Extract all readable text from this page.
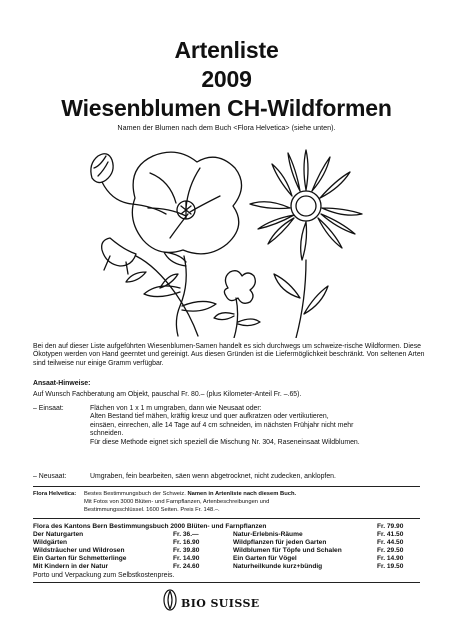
Artenliste
2009
Wiesenblumen CH-Wildformen
Namen der Blumen nach dem Buch <Flora Helvetica> (siehe unten).
Bei den auf dieser Liste aufgeführten Wiesenblumen-Samen handelt es sich durchwegs um schweize-rische Wildformen. Diese Ökotypen werden von Hand geerntet und gereinigt. Aus diesen Gründen ist die Liefermöglichkeit beschränkt. Von seltenen Arten sind teilweise nur einige Gramm verfügbar.
Ansaat-Hinweise:
Auf Wunsch Fachberatung am Objekt, pauschal Fr. 80.– (plus Kilometer-Anteil Fr. –.65).
– Einsaat:	Flächen von 1 x 1 m umgraben, dann wie Neusaat oder:
Alten Bestand tief mähen, kräftig kreuz und quer aufkratzen oder vertikutieren,
einsäen, einrechen, alle 14 Tage auf 4 cm schneiden, im nächsten Frühjahr nicht mehr
schneiden.
Für diese Methode eignet sich speziell die Mischung Nr. 304, Raseneinsaat Wildblumen.
– Neusaat:	Umgraben, fein bearbeiten, säen wenn abgetrocknet, nicht zudecken, anklopfen.
Flora Helvetica: Bestes Bestimmungsbuch der Schweiz. Namen in Artenliste nach diesem Buch.
Mit Fotos von 3000 Blüten- und Farnpflanzen, Artenbeschreibungen und
Bestimmungsschlüssel. 1600 Seiten. Preis Fr. 148.–.
Flora des Kantons Bern Bestimmungsbuch 2000 Blüten- und Farnpflanzen	Fr. 79.90
Der Naturgarten	Fr. 36.—	Natur-Erlebnis-Räume	Fr. 41.50
Wildgärten	Fr. 16.90	Wildpflanzen für jeden Garten	Fr. 44.50
Wildsträucher und Wildrosen	Fr. 39.80	Wildblumen für Töpfe und Schalen	Fr. 29.50
Ein Garten für Schmetterlinge	Fr. 14.90	Ein Garten für Vögel	Fr. 14.90
Mit Kindern in der Natur	Fr. 24.60	Naturheilkunde kurz+bündig	Fr. 19.50
Porto und Verpackung zum Selbstkostenpreis.
BIO SUISSE
